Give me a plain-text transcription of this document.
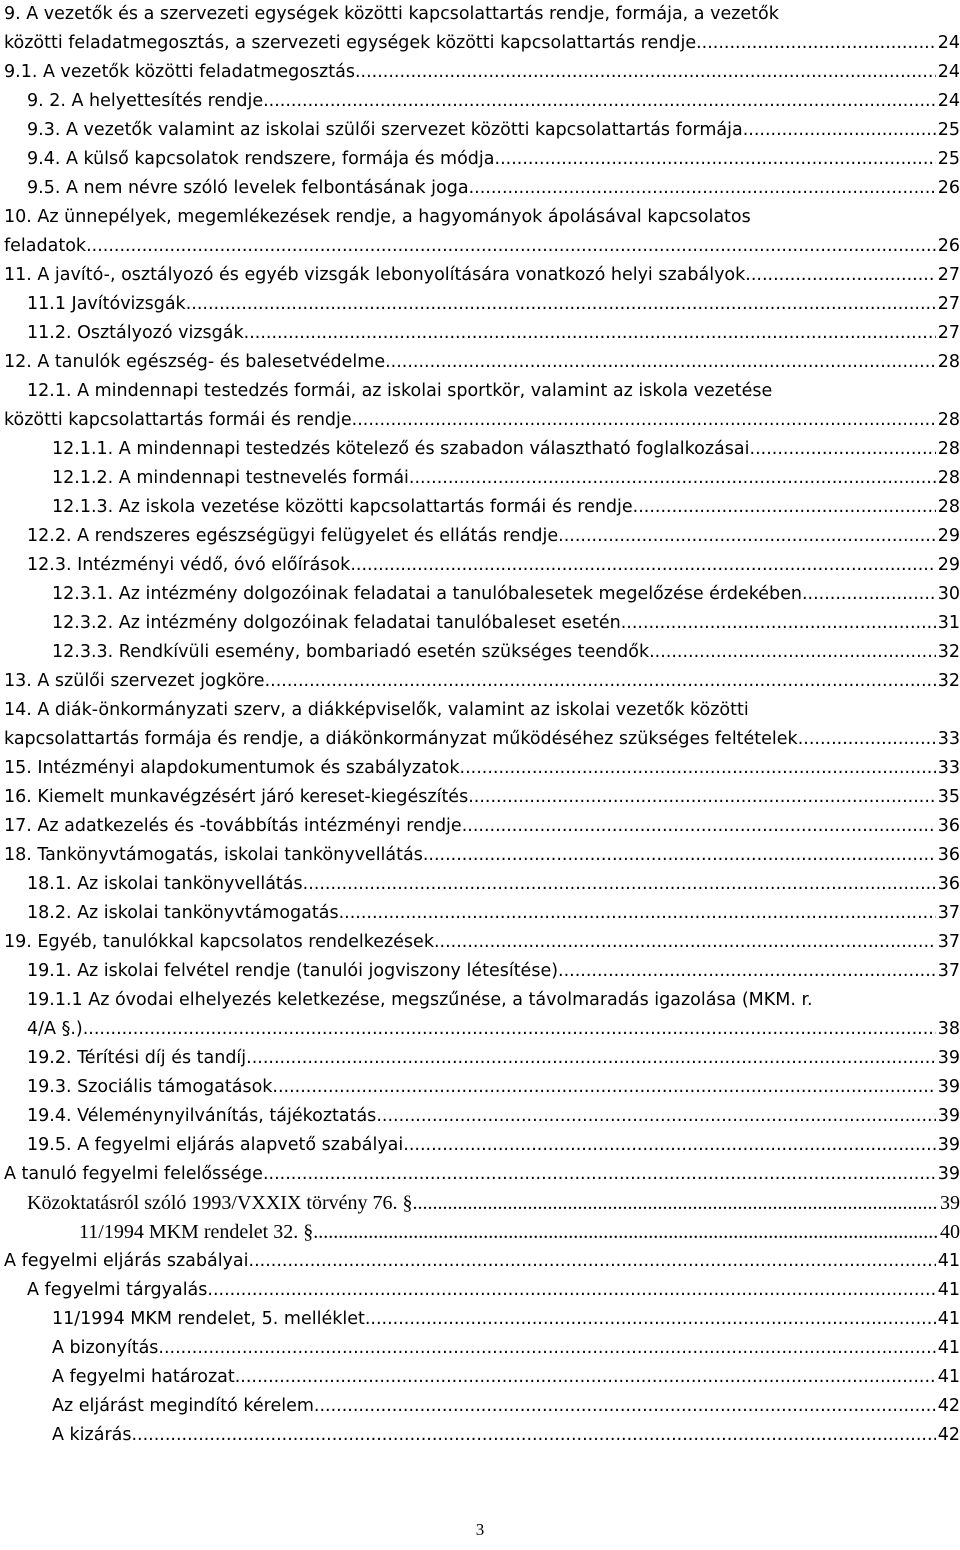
9. A vezetők és a szervezeti egységek közötti kapcsolattartás rendje, formája, a vezetők
közötti feladatmegosztás, a szervezeti egységek közötti kapcsolattartás rendje .....	24
9.1. A vezetők közötti feladatmegosztás .....	24
9. 2. A helyettesítés rendje .....	24
9.3. A vezetők valamint az iskolai szülői szervezet közötti kapcsolattartás formája .....	25
9.4. A külső kapcsolatok rendszere, formája és módja .....	25
9.5. A nem névre szóló levelek felbontásának joga .....	26
10. Az ünnepélyek, megemlékezések rendje, a hagyományok ápolásával kapcsolatos
feladatok .....	26
11. A javító-, osztályozó és egyéb vizsgák lebonyolítására vonatkozó helyi szabályok .....	27
11.1 Javítóvizsgák .....	27
11.2. Osztályozó vizsgák .....	27
12. A tanulók egészség- és balesetvédelme .....	28
12.1. A mindennapi testedzés formái, az iskolai sportkör, valamint az iskola vezetése
közötti kapcsolattartás formái és rendje .....	28
12.1.1. A mindennapi testedzés kötelező és szabadon választható foglalkozásai .....	28
12.1.2. A mindennapi testnevelés formái .....	28
12.1.3. Az iskola vezetése közötti kapcsolattartás formái és rendje .....	28
12.2. A rendszeres egészségügyi felügyelet és ellátás rendje .....	29
12.3. Intézményi védő, óvó előírások .....	29
12.3.1. Az intézmény dolgozóinak feladatai a tanulóbalesetek megelőzése érdekében .....	30
12.3.2. Az intézmény dolgozóinak feladatai tanulóbaleset esetén .....	31
12.3.3. Rendkívüli esemény, bombariadó esetén szükséges teendők .....	32
13. A szülői szervezet jogköre .....	32
14. A diák-önkormányzati szerv, a diákképviselők, valamint az iskolai vezetők közötti
kapcsolattartás formája és rendje, a diákönkormányzat működéséhez szükséges feltételek .....	33
15. Intézményi alapdokumentumok és szabályzatok .....	33
16. Kiemelt munkavégzésért járó kereset-kiegészítés .....	35
17. Az adatkezelés és -továbbítás intézményi rendje .....	36
18. Tankönyvtámogatás, iskolai tankönyvellátás .....	36
18.1. Az iskolai tankönyvellátás .....	36
18.2. Az iskolai tankönyvtámogatás .....	37
19. Egyéb, tanulókkal kapcsolatos rendelkezések .....	37
19.1. Az iskolai felvétel rendje (tanulói jogviszony létesítése) .....	37
19.1.1 Az óvodai elhelyezés keletkezése, megszűnése, a távolmaradás igazolása (MKM. r.
4/A §.) .....	38
19.2. Térítési díj és tandíj .....	39
19.3. Szociális támogatások .....	39
19.4. Véleménynyilvánítás, tájékoztatás .....	39
19.5. A fegyelmi eljárás alapvető szabályai .....	39
A tanuló fegyelmi felelőssége .....	39
Közoktatásról szóló 1993/VXXIX törvény 76. § .....	39
11/1994 MKM rendelet 32. § .....	40
A fegyelmi eljárás szabályai .....	41
A fegyelmi tárgyalás .....	41
11/1994 MKM rendelet, 5. melléklet .....	41
A bizonyítás .....	41
A fegyelmi határozat .....	41
Az eljárást megindító kérelem .....	42
A kizárás .....	42
3
